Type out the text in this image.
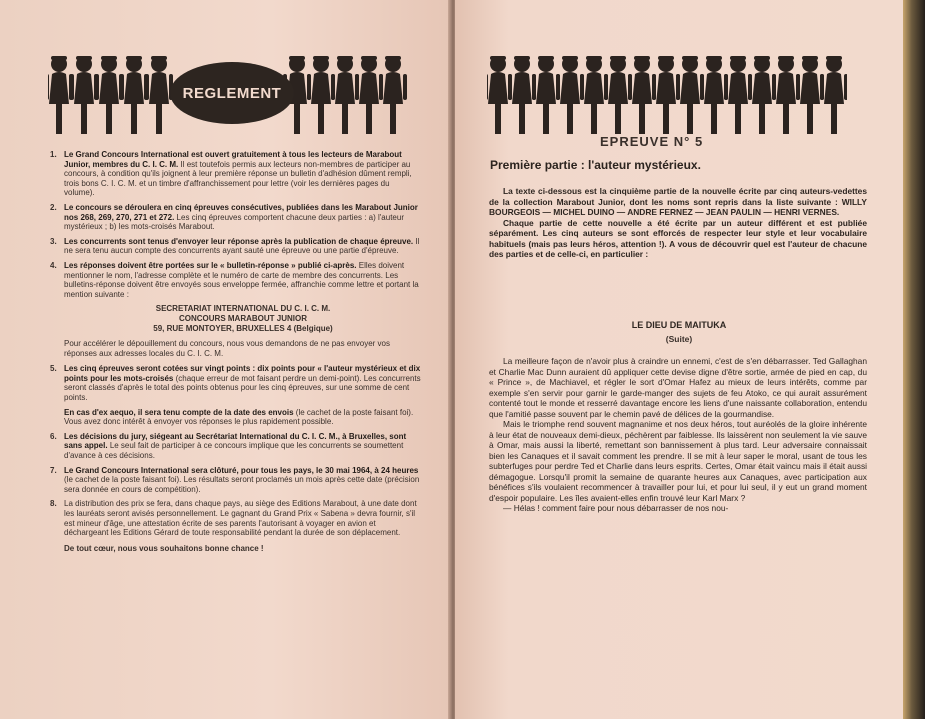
REGLEMENT
1. Le Grand Concours International est ouvert gratuitement à tous les lecteurs de Marabout Junior, membres du C. I. C. M. Il est toutefois permis aux lecteurs non-membres de participer au concours, à condition qu'ils joignent à leur première réponse un bulletin d'adhésion dûment rempli, trois bons C. I. C. M. et un timbre d'affranchissement pour lettre (voir les dernières pages du volume).
2. Le concours se déroulera en cinq épreuves consécutives, publiées dans les Marabout Junior nos 268, 269, 270, 271 et 272. Les cinq épreuves comportent chacune deux parties : a) l'auteur mystérieux ; b) les mots-croisés Marabout.
3. Les concurrents sont tenus d'envoyer leur réponse après la publication de chaque épreuve. Il ne sera tenu aucun compte des concurrents ayant sauté une épreuve ou une partie d'épreuve.
4. Les réponses doivent être portées sur le « bulletin-réponse » publié ci-après. Elles doivent mentionner le nom, l'adresse complète et le numéro de carte de membre des concurrents. Les bulletins-réponse doivent être envoyés sous enveloppe fermée, affranchie comme lettre et portant la mention suivante :
SECRETARIAT INTERNATIONAL DU C. I. C. M.
CONCOURS MARABOUT JUNIOR
59, RUE MONTOYER, BRUXELLES 4 (Belgique)
Pour accélérer le dépouillement du concours, nous vous demandons de ne pas envoyer vos réponses aux adresses locales du C. I. C. M.
5. Les cinq épreuves seront cotées sur vingt points : dix points pour « l'auteur mystérieux et dix points pour les mots-croisés (chaque erreur de mot faisant perdre un demi-point). Les concurrents seront classés d'après le total des points obtenus pour les cinq épreuves, sur une somme de cent points.
En cas d'ex aequo, il sera tenu compte de la date des envois (le cachet de la poste faisant foi). Vous avez donc intérêt à envoyer vos réponses le plus rapidement possible.
6. Les décisions du jury, siégeant au Secrétariat International du C. I. C. M., à Bruxelles, sont sans appel. Le seul fait de participer à ce concours implique que les concurrents se soumettent d'avance à ces décisions.
7. Le Grand Concours International sera clôturé, pour tous les pays, le 30 mai 1964, à 24 heures (le cachet de la poste faisant foi). Les résultats seront proclamés un mois après cette date (précision sera donnée en cours de compétition).
8. La distribution des prix se fera, dans chaque pays, au siège des Editions Marabout, à une date dont les lauréats seront avisés personnellement. Le gagnant du Grand Prix « Sabena » devra fournir, s'il est mineur d'âge, une attestation écrite de ses parents l'autorisant à voyager en avion et déchargeant les Editions Gérard de toute responsabilité pendant la durée de son déplacement.
De tout cœur, nous vous souhaitons bonne chance !
EPREUVE N° 5
Première partie : l'auteur mystérieux.

La texte ci-dessous est la cinquième partie de la nouvelle écrite par cinq auteurs-vedettes de la collection Marabout Junior, dont les noms sont repris dans la liste suivante : WILLY BOURGEOIS — MICHEL DUINO — ANDRE FERNEZ — JEAN PAULIN — HENRI VERNES.

Chaque partie de cette nouvelle a été écrite par un auteur différent et est publiée séparément. Les cinq auteurs se sont efforcés de respecter leur style et leur vocabulaire habituels (mais pas leurs héros, attention !). A vous de découvrir quel est l'auteur de chacune des parties et de celle-ci, en particulier :

LE DIEU DE MAITUKA
(Suite)

La meilleure façon de n'avoir plus à craindre un ennemi, c'est de s'en débarrasser. Ted Gallaghan et Charlie Mac Dunn auraient dû appliquer cette devise digne d'être sortie, armée de pied en cap, du « Prince », de Machiavel, et régler le sort d'Omar Hafez au mieux de leurs intérêts, comme par exemple s'en servir pour garnir le garde-manger des sujets de feu Atoko, ce qui aurait assurément contenté tout le monde et resserré davantage encore les liens d'une naissante collaboration, entendu que l'amitié passe souvent par le chemin pavé de délices de la gourmandise.

Mais le triomphe rend souvent magnanime et nos deux héros, tout auréolés de la gloire inhérente à leur état de nouveaux demi-dieux, péchèrent par faiblesse. Ils laissèrent non seulement la vie sauve à Omar, mais aussi la liberté, remettant son bannissement à plus tard. Leur adversaire connaissait bien les Canaques et il savait comment les prendre. Il se mit à leur saper le moral, usant de tous les subterfuges pour perdre Ted et Charlie dans leurs esprits. Certes, Omar était vaincu mais il était aussi démagogue. Lorsqu'il promit la semaine de quarante heures aux Canaques, avec participation aux bénéfices s'ils voulaient recommencer à travailler pour lui, et pour lui seul, il y eut un grand moment d'espoir populaire. Les îles avaient-elles enfin trouvé leur Karl Marx ?

— Hélas ! comment faire pour nous débarrasser de nos nou-
